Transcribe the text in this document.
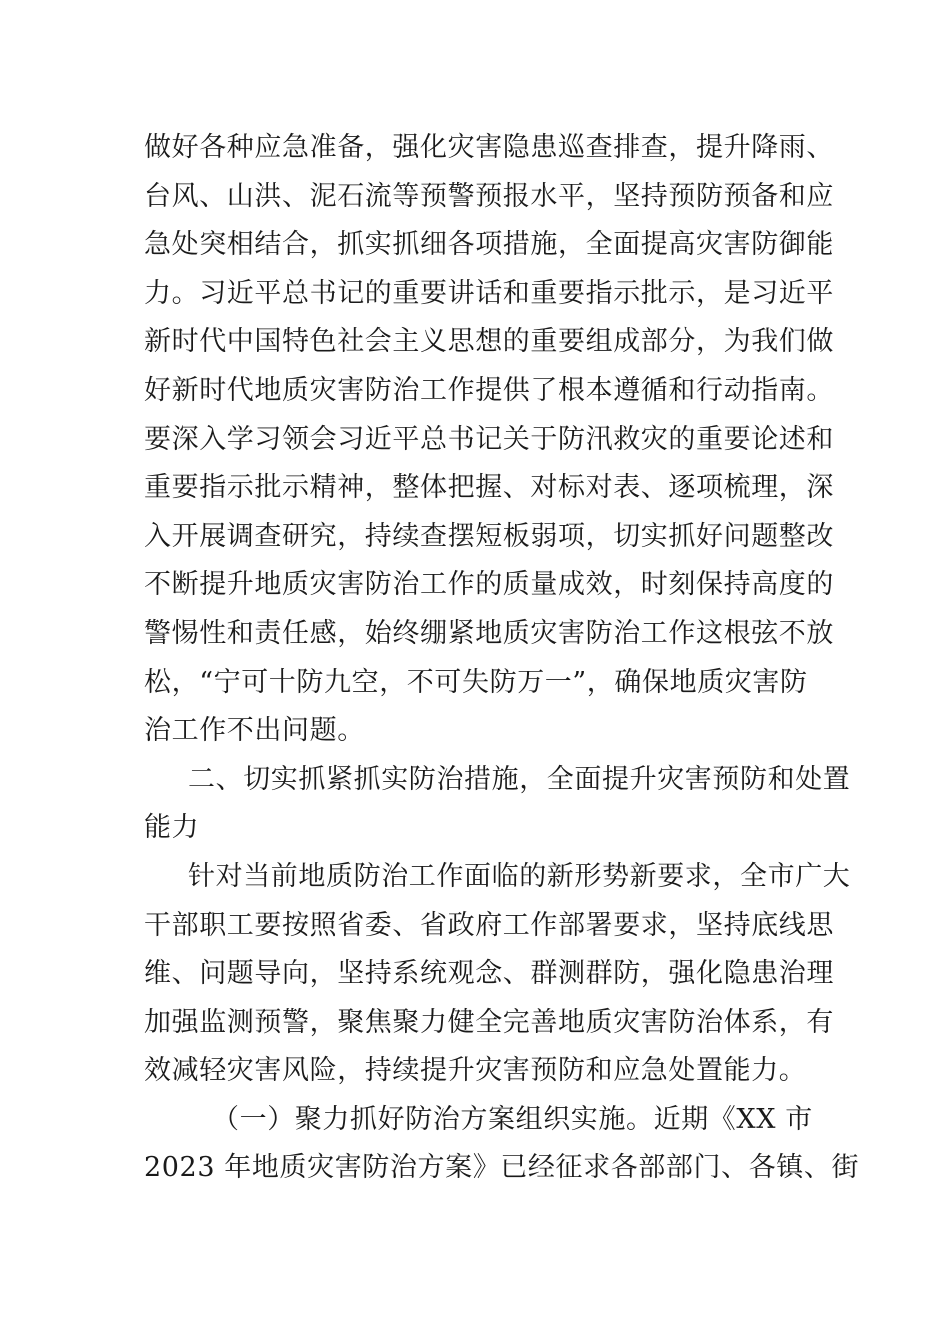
做好各种应急准备，强化灾害隐患巡查排查，提升降雨、
台风、山洪、泥石流等预警预报水平，坚持预防预备和应
急处突相结合，抓实抓细各项措施，全面提高灾害防御能
力。习近平总书记的重要讲话和重要指示批示，是习近平
新时代中国特色社会主义思想的重要组成部分，为我们做
好新时代地质灾害防治工作提供了根本遵循和行动指南。
要深入学习领会习近平总书记关于防汛救灾的重要论述和
重要指示批示精神，整体把握、对标对表、逐项梳理，深
入开展调查研究，持续查摆短板弱项，切实抓好问题整改
不断提升地质灾害防治工作的质量成效，时刻保持高度的
警惕性和责任感，始终绷紧地质灾害防治工作这根弦不放
松，“宁可十防九空，不可失防万一”，确保地质灾害防
治工作不出问题。
二、切实抓紧抓实防治措施，全面提升灾害预防和处置
能力
针对当前地质防治工作面临的新形势新要求，全市广大
干部职工要按照省委、省政府工作部署要求，坚持底线思
维、问题导向，坚持系统观念、群测群防，强化隐患治理
加强监测预警，聚焦聚力健全完善地质灾害防治体系，有
效减轻灾害风险，持续提升灾害预防和应急处置能力。
（一）聚力抓好防治方案组织实施。近期《XX 市
2023 年地质灾害防治方案》已经征求各部部门、各镇、街
